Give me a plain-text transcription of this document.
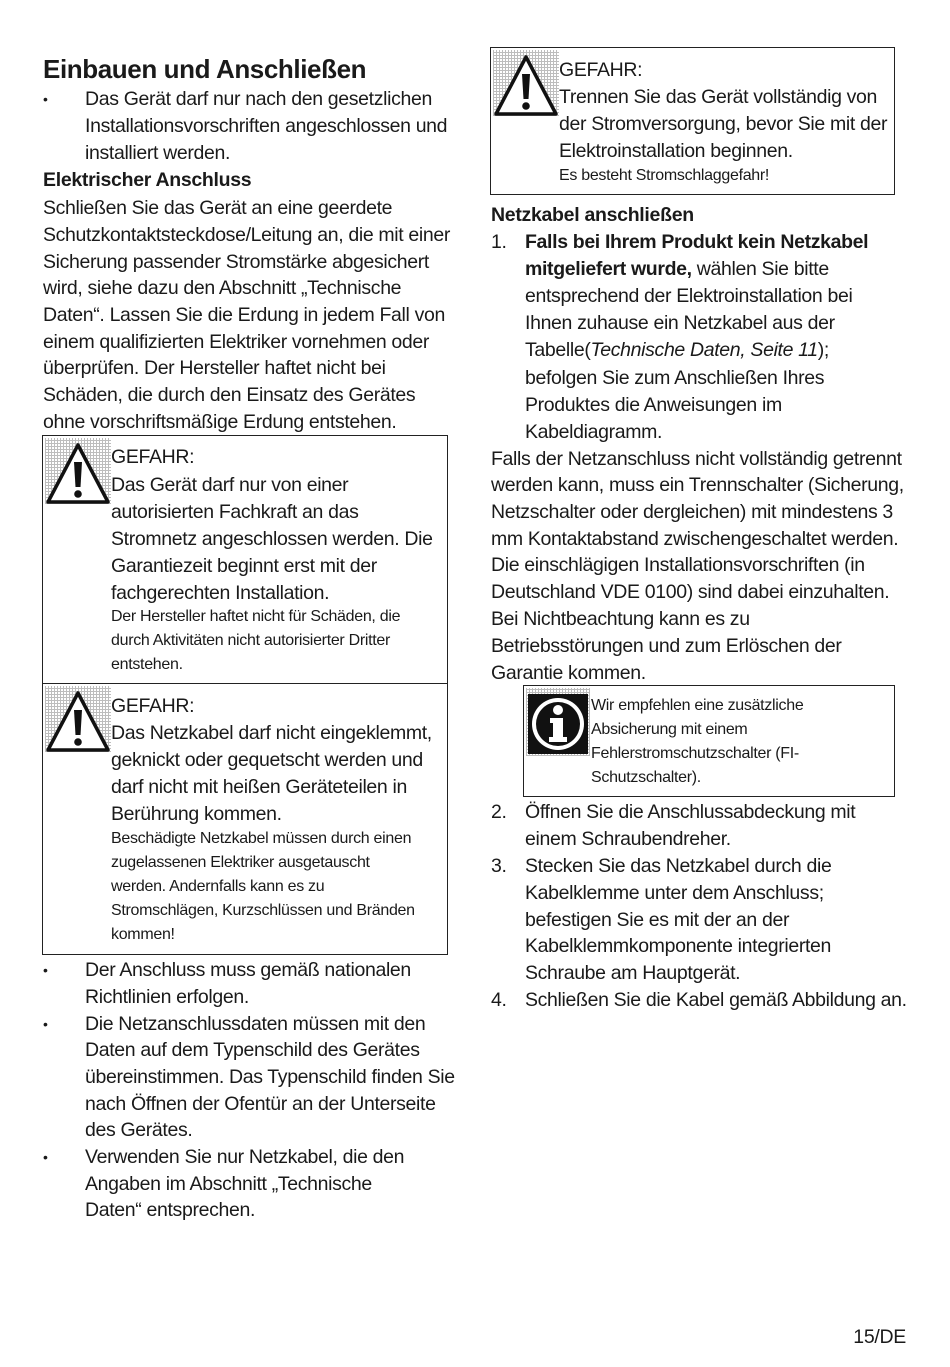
Einbauen und Anschließen
• Das Gerät darf nur nach den gesetzlichen

Installationsvorschriften angeschlossen und

installiert werden.

Elektrischer Anschluss

Schließen Sie das Gerät an eine geerdete

Schutzkontaktsteckdose/Leitung an, die mit einer

Sicherung passender Stromstärke abgesichert

wird, siehe dazu den Abschnitt „Technische

Daten“. Lassen Sie die Erdung in jedem Fall von

einem qualifizierten Elektriker vornehmen oder

überprüfen. Der Hersteller haftet nicht bei

Schäden, die durch den Einsatz des Gerätes

ohne vorschriftsmäßige Erdung entstehen.

GEFAHR:

Das Gerät darf nur von einer

autorisierten Fachkraft an das

Stromnetz angeschlossen werden. Die

Garantiezeit beginnt erst mit der

fachgerechten Installation.

Der Hersteller haftet nicht für Schäden, die

durch Aktivitäten nicht autorisierter Dritter

entstehen.

GEFAHR:

Das Netzkabel darf nicht eingeklemmt,

geknickt oder gequetscht werden und

darf nicht mit heißen Geräteteilen in

Berührung kommen.

Beschädigte Netzkabel müssen durch einen

zugelassenen Elektriker ausgetauscht

werden. Andernfalls kann es zu

Stromschlägen, Kurzschlüssen und Bränden

kommen!

• Der Anschluss muss gemäß nationalen

Richtlinien erfolgen.

• Die Netzanschlussdaten müssen mit den

Daten auf dem Typenschild des Gerätes

übereinstimmen. Das Typenschild finden Sie

nach Öffnen der Ofentür an der Unterseite

des Gerätes.

• Verwenden Sie nur Netzkabel, die den

Angaben im Abschnitt „Technische

Daten“ entsprechen.

GEFAHR:

Trennen Sie das Gerät vollständig von

der Stromversorgung, bevor Sie mit der

Elektroinstallation beginnen.

Es besteht Stromschlaggefahr!

Netzkabel anschließen
1. Falls bei Ihrem Produkt kein Netzkabel

mitgeliefert wurde, wählen Sie bitte

entsprechend der Elektroinstallation bei

Ihnen zuhause ein Netzkabel aus der

Tabelle(Technische Daten, Seite 11);

befolgen Sie zum Anschließen Ihres

Produktes die Anweisungen im

Kabeldiagramm.

Falls der Netzanschluss nicht vollständig getrennt

werden kann, muss ein Trennschalter (Sicherung,

Netzschalter oder dergleichen) mit mindestens 3

mm Kontaktabstand zwischengeschaltet werden.

Die einschlägigen Installationsvorschriften (in

Deutschland VDE 0100) sind dabei einzuhalten.

Bei Nichtbeachtung kann es zu

Betriebsstörungen und zum Erlöschen der

Garantie kommen.

Wir empfehlen eine zusätzliche

Absicherung mit einem

Fehlerstromschutzschalter (FI-

Schutzschalter).

2. Öffnen Sie die Anschlussabdeckung mit

einem Schraubendreher.

3. Stecken Sie das Netzkabel durch die

Kabelklemme unter dem Anschluss;

befestigen Sie es mit der an der

Kabelklemmkomponente integrierten

Schraube am Hauptgerät.

4. Schließen Sie die Kabel gemäß Abbildung an.

15/DE
